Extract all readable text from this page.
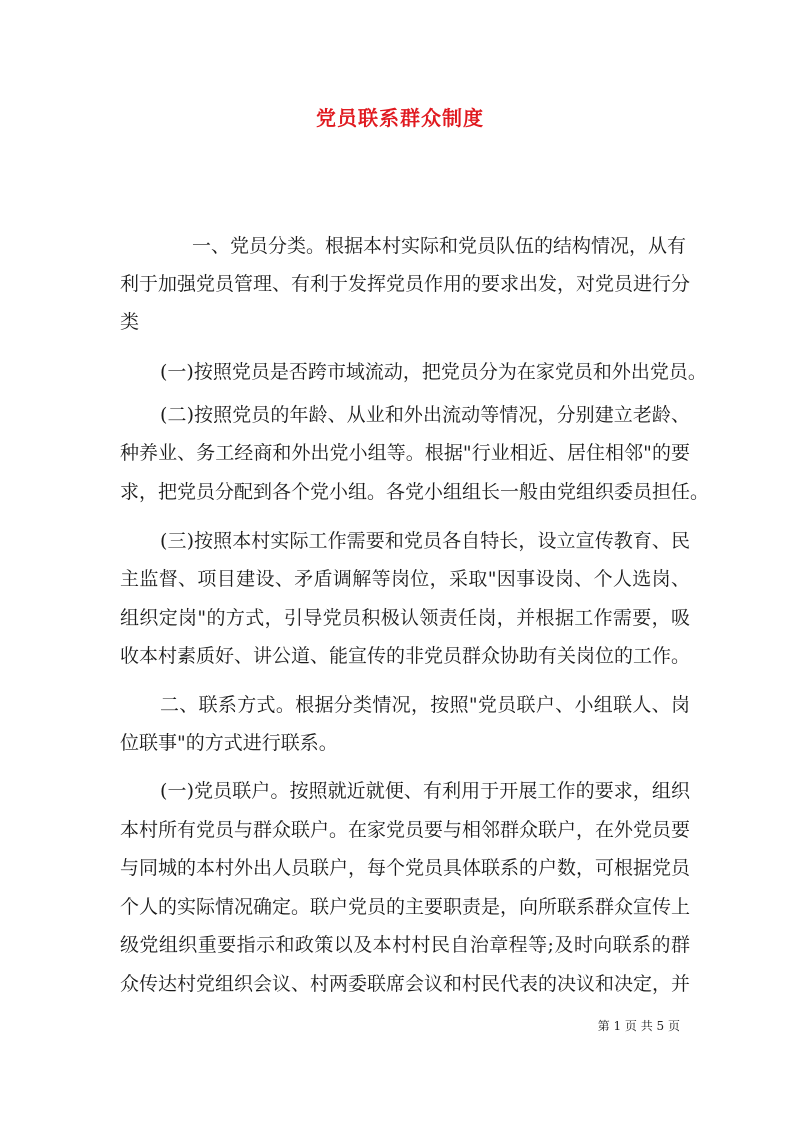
党员联系群众制度

一、党员分类。根据本村实际和党员队伍的结构情况，从有

利于加强党员管理、有利于发挥党员作用的要求出发，对党员进行分

类

(一)按照党员是否跨市域流动，把党员分为在家党员和外出党员。

(二)按照党员的年龄、从业和外出流动等情况，分别建立老龄、

种养业、务工经商和外出党小组等。根据"行业相近、居住相邻"的要

求，把党员分配到各个党小组。各党小组组长一般由党组织委员担任。

(三)按照本村实际工作需要和党员各自特长，设立宣传教育、民

主监督、项目建设、矛盾调解等岗位，采取"因事设岗、个人选岗、

组织定岗"的方式，引导党员积极认领责任岗，并根据工作需要，吸

收本村素质好、讲公道、能宣传的非党员群众协助有关岗位的工作。

二、联系方式。根据分类情况，按照"党员联户、小组联人、岗

位联事"的方式进行联系。

(一)党员联户。按照就近就便、有利用于开展工作的要求，组织

本村所有党员与群众联户。在家党员要与相邻群众联户，在外党员要

与同城的本村外出人员联户，每个党员具体联系的户数，可根据党员

个人的实际情况确定。联户党员的主要职责是，向所联系群众宣传上

级党组织重要指示和政策以及本村村民自治章程等;及时向联系的群

众传达村党组织会议、村两委联席会议和村民代表的决议和决定，并

第 1 页 共 5 页
